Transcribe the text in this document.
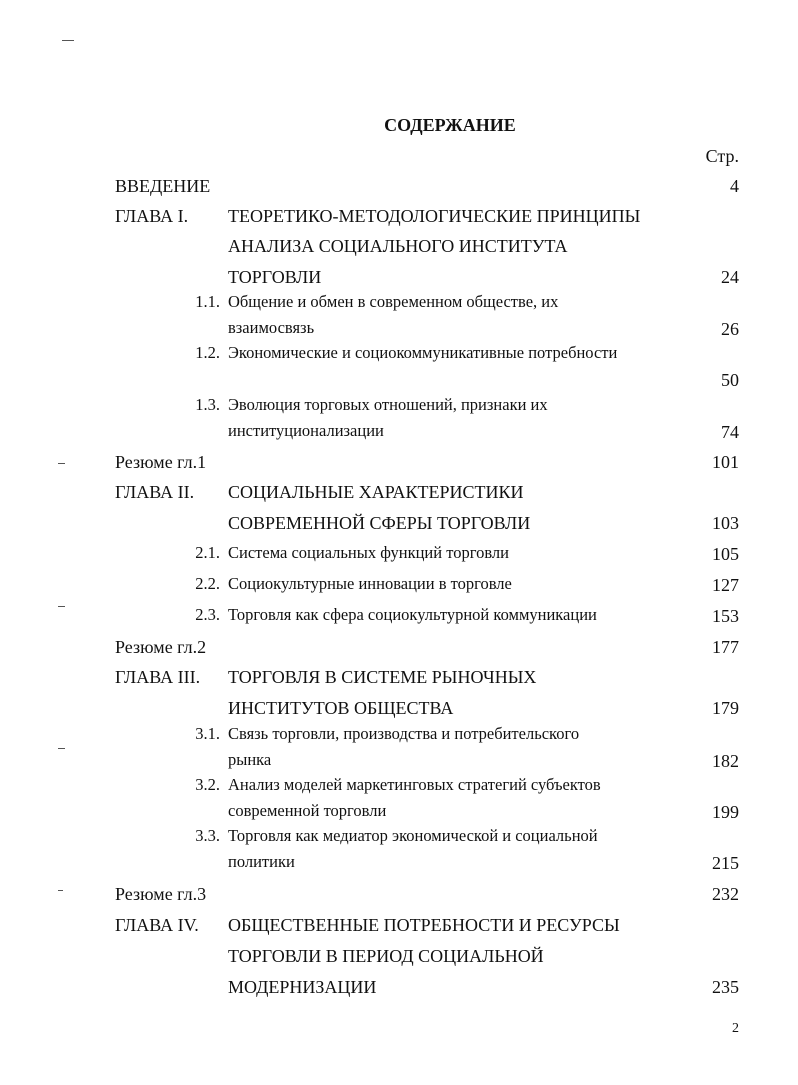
СОДЕРЖАНИЕ
Стр.
ВВЕДЕНИЕ	4
ГЛАВА I. ТЕОРЕТИКО-МЕТОДОЛОГИЧЕСКИЕ ПРИНЦИПЫ
АНАЛИЗА СОЦИАЛЬНОГО ИНСТИТУТА
ТОРГОВЛИ	24
1.1. Общение и обмен в современном обществе, их
взаимосвязь	26
1.2. Экономические и социокоммуникативные потребности
50
1.3. Эволюция торговых отношений, признаки их
институционализации	74
Резюме гл.1	101
ГЛАВА II. СОЦИАЛЬНЫЕ ХАРАКТЕРИСТИКИ
СОВРЕМЕННОЙ СФЕРЫ ТОРГОВЛИ	103
2.1. Система социальных функций торговли	105
2.2. Социокультурные инновации в торговле	127
2.3. Торговля как сфера социокультурной коммуникации	153
Резюме гл.2	177
ГЛАВА III. ТОРГОВЛЯ В СИСТЕМЕ РЫНОЧНЫХ
ИНСТИТУТОВ ОБЩЕСТВА	179
3.1. Связь торговли, производства и потребительского
рынка	182
3.2. Анализ моделей маркетинговых стратегий субъектов
современной торговли	199
3.3. Торговля как медиатор экономической и социальной
политики	215
Резюме гл.3	232
ГЛАВА IV. ОБЩЕСТВЕННЫЕ ПОТРЕБНОСТИ И РЕСУРСЫ
ТОРГОВЛИ В ПЕРИОД СОЦИАЛЬНОЙ
МОДЕРНИЗАЦИИ	235
2
